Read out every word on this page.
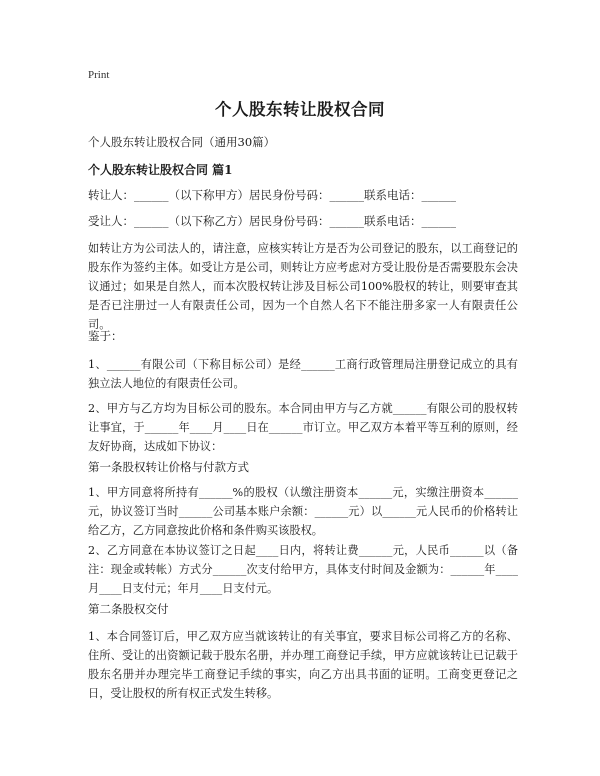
Print
个人股东转让股权合同
个人股东转让股权合同（通用30篇）
个人股东转让股权合同 篇1
转让人：______（以下称甲方）居民身份号码：______联系电话：______
受让人：______（以下称乙方）居民身份号码：______联系电话：______
如转让方为公司法人的，请注意，应核实转让方是否为公司登记的股东，以工商登记的股东作为签约主体。如受让方是公司，则转让方应考虑对方受让股份是否需要股东会决议通过；如果是自然人，而本次股权转让涉及目标公司100%股权的转让，则要审查其是否已注册过一人有限责任公司，因为一个自然人名下不能注册多家一人有限责任公司。
鉴于：
1、______有限公司（下称目标公司）是经______工商行政管理局注册登记成立的具有独立法人地位的有限责任公司。
2、甲方与乙方均为目标公司的股东。本合同由甲方与乙方就______有限公司的股权转让事宜，于______年____月____日在______市订立。甲乙双方本着平等互利的原则，经友好协商，达成如下协议：
第一条股权转让价格与付款方式
1、甲方同意将所持有______%的股权（认缴注册资本______元，实缴注册资本______元，协议签订当时______公司基本账户余额：______元）以______元人民币的价格转让给乙方，乙方同意按此价格和条件购买该股权。
2、乙方同意在本协议签订之日起____日内，将转让费______元，人民币______以（备注：现金或转帐）方式分______次支付给甲方，具体支付时间及金额为：______年____月____日支付元；年月____日支付元。
第二条股权交付
1、本合同签订后，甲乙双方应当就该转让的有关事宜，要求目标公司将乙方的名称、住所、受让的出资额记载于股东名册，并办理工商登记手续，甲方应就该转让已记载于股东名册并办理完毕工商登记手续的事实，向乙方出具书面的证明。工商变更登记之日，受让股权的所有权正式发生转移。
